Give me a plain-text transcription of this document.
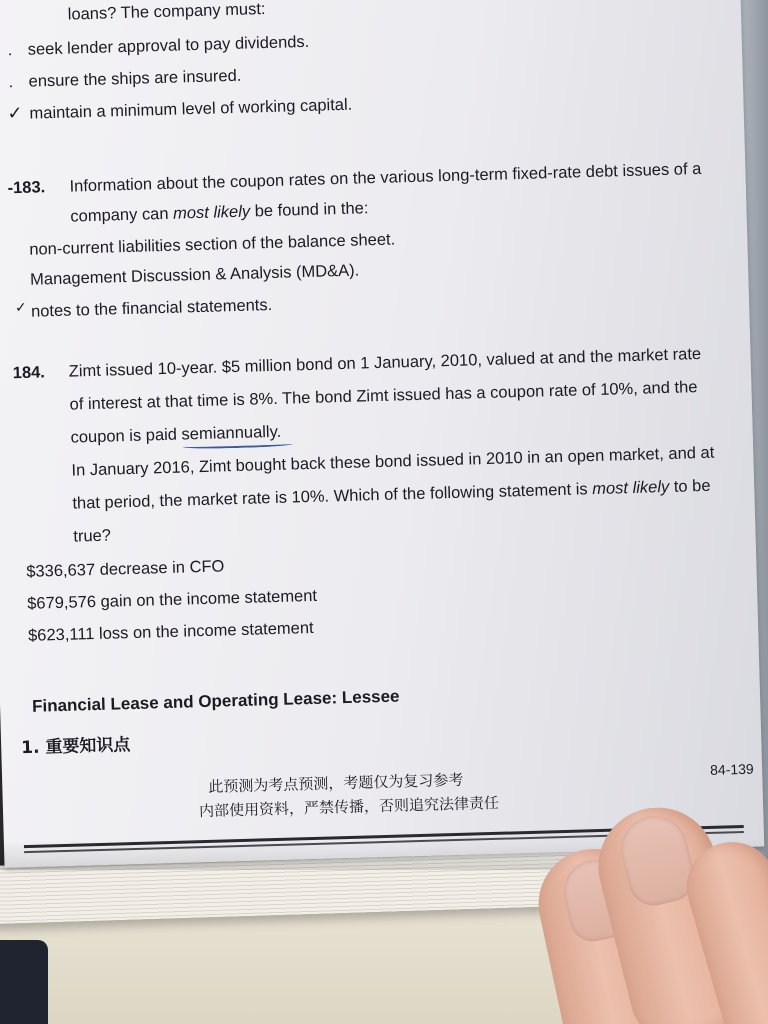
loans? The company must:
. seek lender approval to pay dividends.
. ensure the ships are insured.
✓ maintain a minimum level of working capital.
-183. Information about the coupon rates on the various long-term fixed-rate debt issues of a
company can most likely be found in the:
non-current liabilities section of the balance sheet.
Management Discussion & Analysis (MD&A).
✓ notes to the financial statements.
184. Zimt issued 10-year. $5 million bond on 1 January, 2010, valued at and the market rate
of interest at that time is 8%. The bond Zimt issued has a coupon rate of 10%, and the
coupon is paid semiannually.
In January 2016, Zimt bought back these bond issued in 2010 in an open market, and at
that period, the market rate is 10%. Which of the following statement is most likely to be
true?
$336,637 decrease in CFO
$679,576 gain on the income statement
$623,111 loss on the income statement
Financial Lease and Operating Lease: Lessee
1. 重要知识点
此预测为考点预测，考题仅为复习参考
内部使用资料，严禁传播，否则追究法律责任
84-139
